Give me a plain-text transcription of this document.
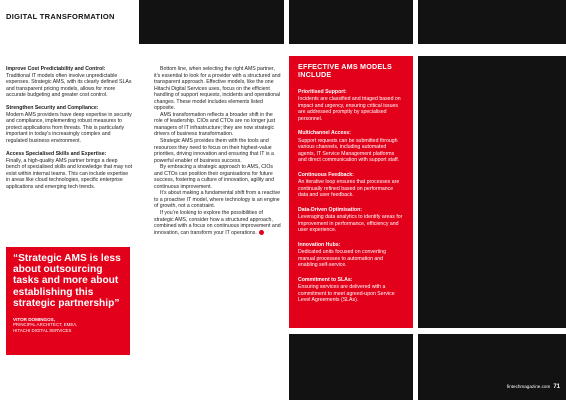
DIGITAL TRANSFORMATION

Improve Cost Predictability and Control:
Traditional IT models often involve unpredictable expenses. Strategic AMS, with its clearly defined SLAs and transparent pricing models, allows for more accurate budgeting and greater cost control.

Strengthen Security and Compliance:
Modern AMS providers have deep expertise in security and compliance, implementing robust measures to protect applications from threats. This is particularly important in today's increasingly complex and regulated business environment.

Access Specialised Skills and Expertise:
Finally, a high-quality AMS partner brings a deep bench of specialised skills and knowledge that may not exist within internal teams. This can include expertise in areas like cloud technologies, specific enterprise applications and emerging tech trends.

“Strategic AMS is less about outsourcing tasks and more about establishing this strategic partnership”
VITOR DOMINGOS,
PRINCIPAL ARCHITECT, EMEA,
HITACHI DIGITAL SERVICES

Bottom line, when selecting the right AMS partner, it’s essential to look for a provider with a structured and transparent approach. Effective models, like the one Hitachi Digital Services uses, focus on the efficient handling of support requests, incidents and operational changes. These model includes elements listed opposite.

AMS transformation reflects a broader shift in the role of leadership. CIOs and CTOs are no longer just managers of IT infrastructure; they are now strategic drivers of business transformation.

Strategic AMS provides them with the tools and resources they need to focus on their highest-value priorities, driving innovation and ensuring that IT is a powerful enabler of business success.

By embracing a strategic approach to AMS, CIOs and CTOs can position their organisations for future success, fostering a culture of innovation, agility and continuous improvement.

It’s about making a fundamental shift from a reactive to a proactive IT model, where technology is an engine of growth, not a constraint.

If you’re looking to explore the possibilities of strategic AMS, consider how a structured approach, combined with a focus on continuous improvement and innovation, can transform your IT operations.

EFFECTIVE AMS MODELS INCLUDE
Prioritised Support:
Incidents are classified and triaged based on impact and urgency, ensuring critical issues are addressed promptly by specialised personnel.
Multichannel Access:
Support requests can be submitted through various channels, including automated agents, IT Service Management platforms and direct communication with support staff.
Continuous Feedback:
An iterative loop ensures that processes are continually refined based on performance data and user feedback.
Data-Driven Optimisation:
Leveraging data analytics to identify areas for improvement in performance, efficiency and user experience.
Innovation Hubs:
Dedicated units focused on converting manual processes to automation and enabling self-service.
Commitment to SLAs:
Ensuring services are delivered with a commitment to meet agreed-upon Service Level Agreements (SLAs).
fintechmagazine.com 71
